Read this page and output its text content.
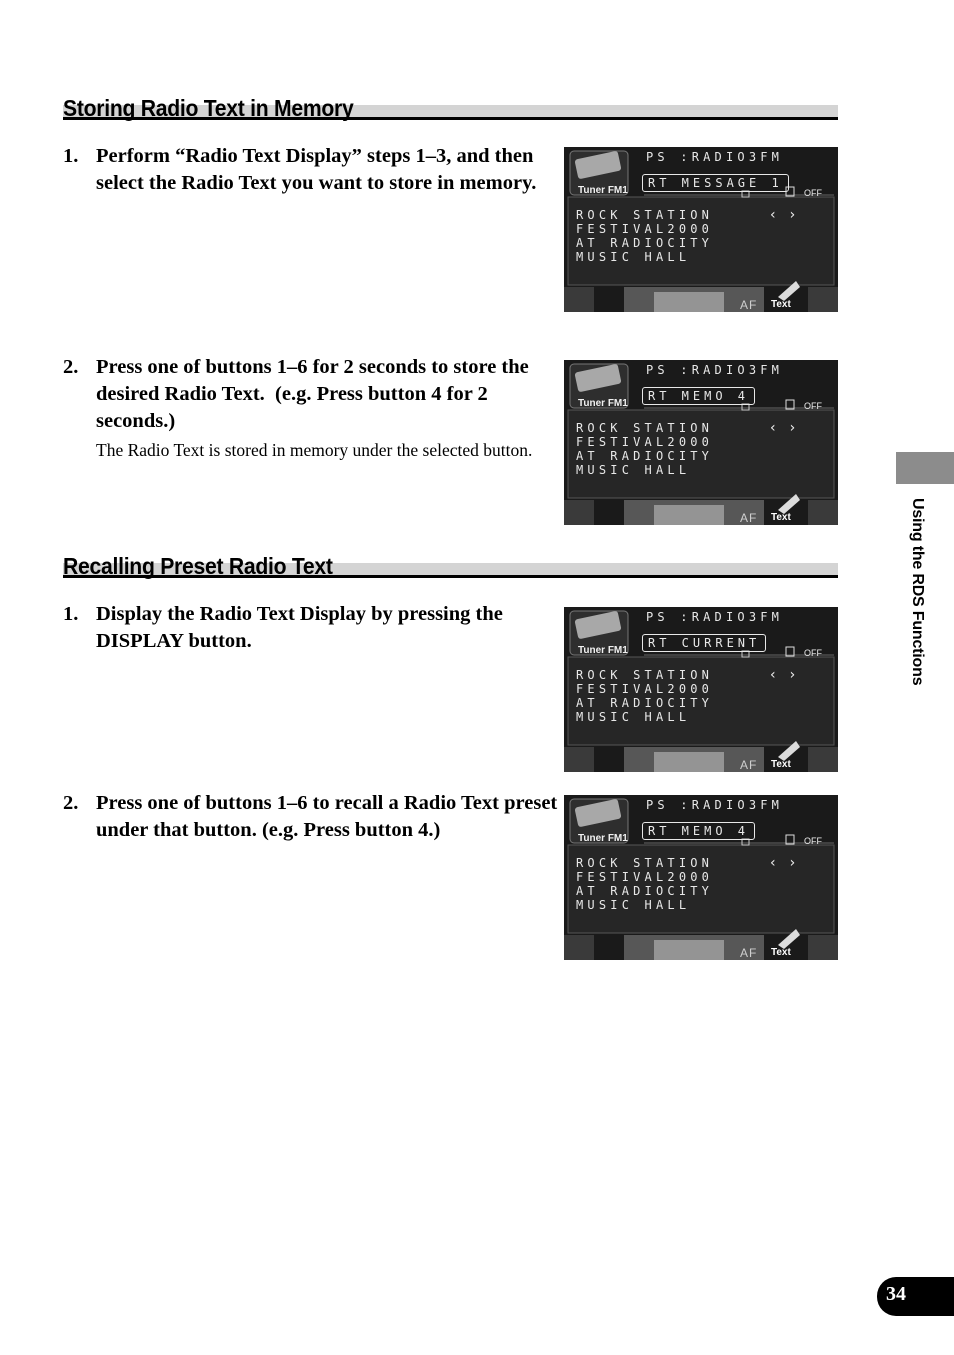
Storing Radio Text in Memory
1. Perform “Radio Text Display” steps 1–3, and then select the Radio Text you want to store in memory.
2. Press one of buttons 1–6 for 2 seconds to store the desired Radio Text.  (e.g. Press button 4 for 2 seconds.)
The Radio Text is stored in memory under the selected button.
Recalling Preset Radio Text
1. Display the Radio Text Display by pressing the DISPLAY button.
2. Press one of buttons 1–6 to recall a Radio Text preset under that button. (e.g. Press button 4.)
PS :RADIO3FM
RT MESSAGE 1
Tuner FM1	OFF
‹›
ROCK STATION
FESTIVAL2000
AT RADIOCITY
MUSIC HALL
AF Text
PS :RADIO3FM
RT MEMO 4
Tuner FM1	OFF
‹›
ROCK STATION
FESTIVAL2000
AT RADIOCITY
MUSIC HALL
AF Text
PS :RADIO3FM
RT CURRENT
Tuner FM1	OFF
‹›
ROCK STATION
FESTIVAL2000
AT RADIOCITY
MUSIC HALL
AF Text
PS :RADIO3FM
RT MEMO 4
Tuner FM1	OFF
‹›
ROCK STATION
FESTIVAL2000
AT RADIOCITY
MUSIC HALL
AF Text
Using the RDS Functions
34
